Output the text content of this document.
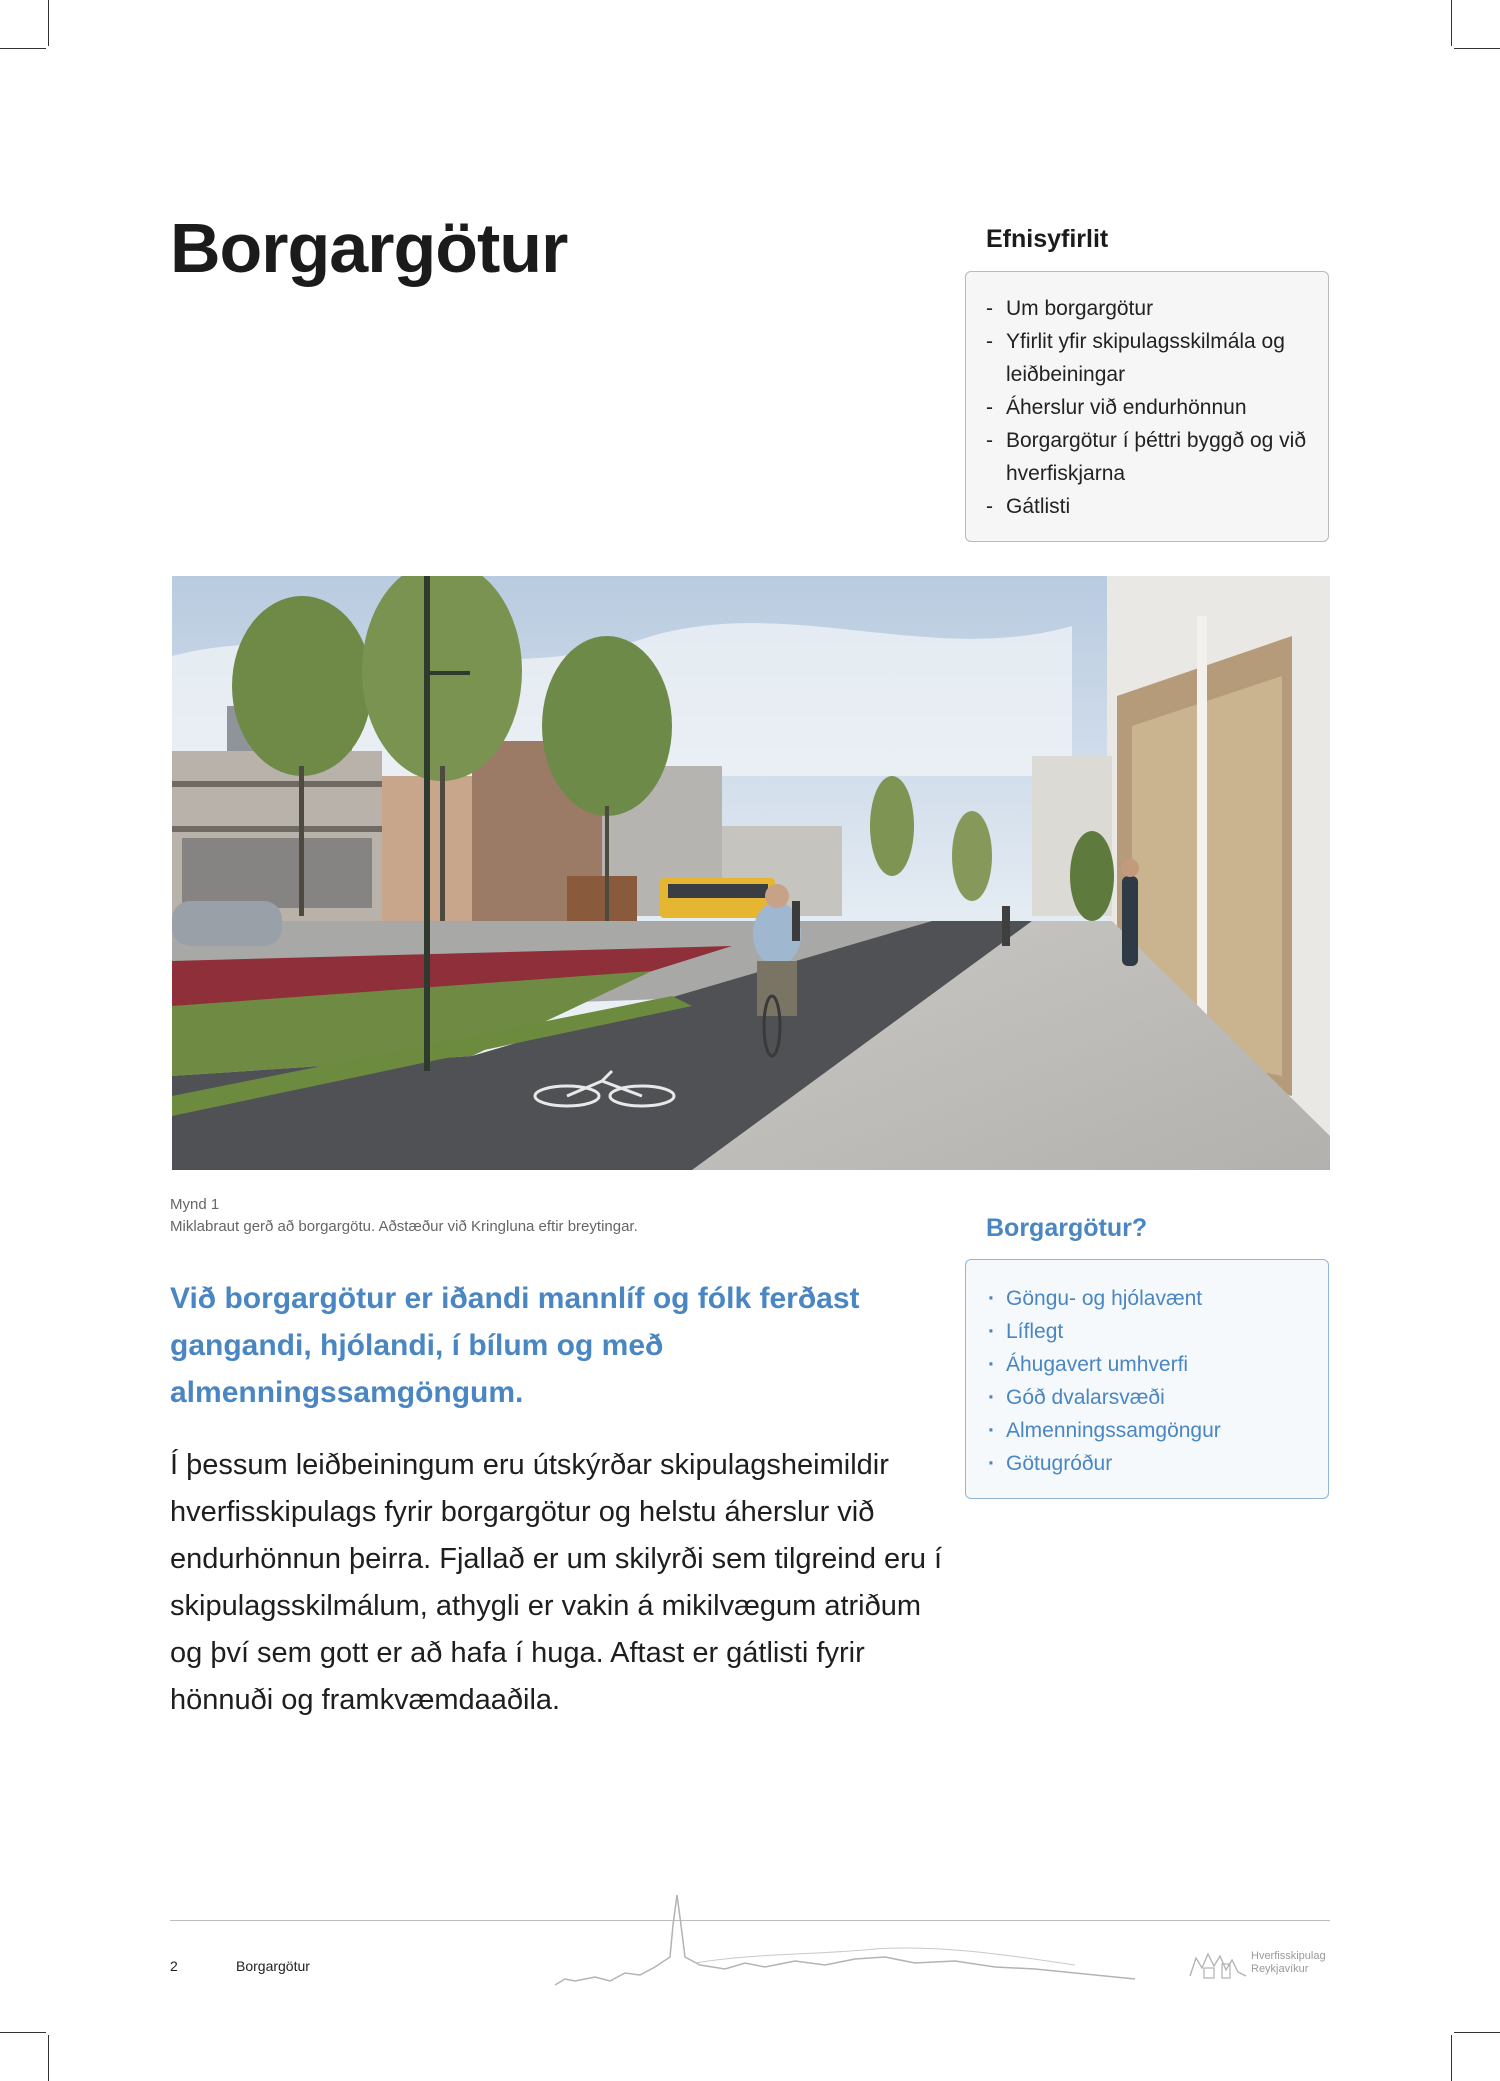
Borgargötur	Efnisyfirlit
- Um borgargötur
- Yfirlit yfir skipulagsskilmála og leiðbeiningar
- Áherslur við endurhönnun
- Borgargötur í þéttri byggð og við hverfiskjarna
- Gátlisti
Mynd 1
Miklabraut gerð að borgargötu. Aðstæður við Kringluna eftir breytingar.

Við borgargötur er iðandi mannlíf og fólk ferðast gangandi, hjólandi, í bílum og með almenningssamgöngum.

Í þessum leiðbeiningum eru útskýrðar skipulagsheimildir hverfisskipulags fyrir borgargötur og helstu áherslur við endurhönnun þeirra. Fjallað er um skilyrði sem tilgreind eru í skipulagsskilmálum, athygli er vakin á mikilvægum atriðum og því sem gott er að hafa í huga. Aftast er gátlisti fyrir hönnuði og framkvæmdaaðila.

Borgargötur?
· Göngu- og hjólavænt
· Líflegt
· Áhugavert umhverfi
· Góð dvalarsvæði
· Almenningssamgöngur
· Götugróður
2	Borgargötur
Hverfisskipulag
Reykjavíkur
